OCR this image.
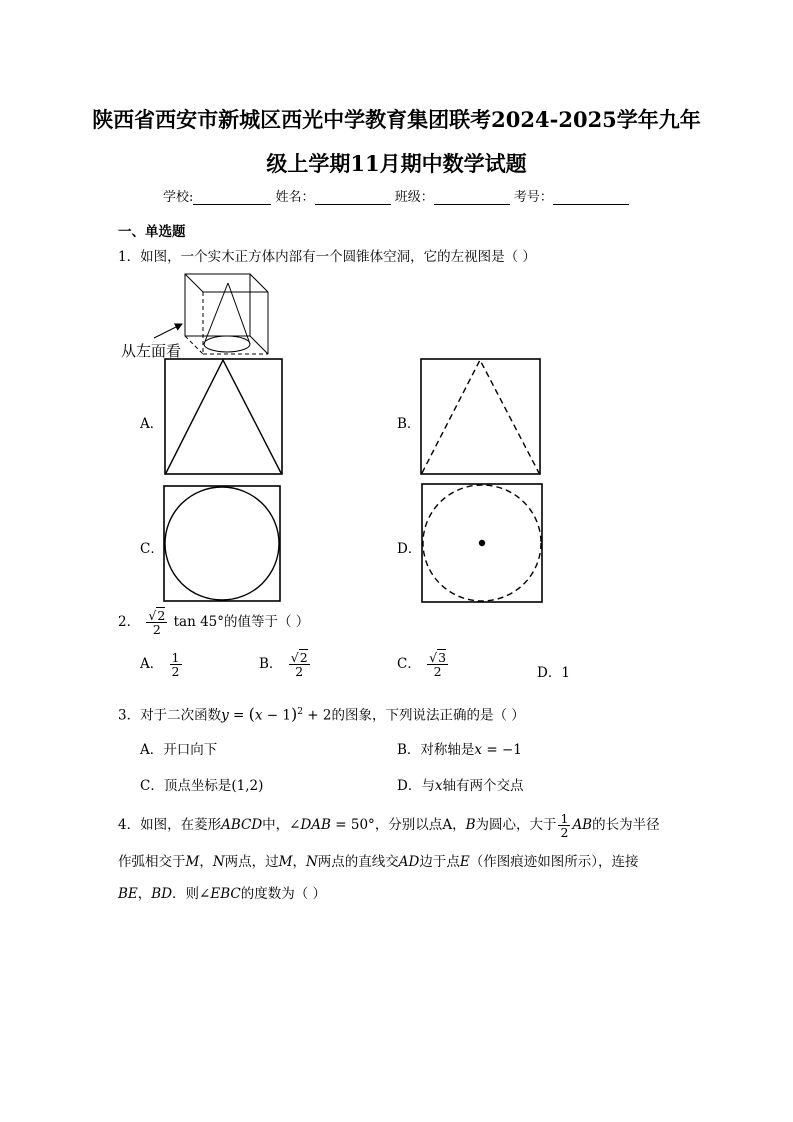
陕西省西安市新城区西光中学教育集团联考2024-2025学年九年
级上学期11月期中数学试题
学校:	姓名：	班级：	考号：
一、单选题
1．如图，一个实木正方体内部有一个圆锥体空洞，它的左视图是（ ）
从左面看
A．	B．
C．	D．
2． $\frac{√2}{2}$ tan 45°的值等于（ ）
A． $\frac{1}{2}$	B． $\frac{√2}{2}$	C． $\frac{√3}{2}$	D．1
3．对于二次函数$y = (x - 1)^2 + 2$的图象，下列说法正确的是（ ）
A．开口向下	B．对称轴是x = −1
C．顶点坐标是(1,2)	D．与x轴有两个交点
4．如图，在菱形ABCD中，∠DAB = 50°，分别以点A，B为圆心，大于 $\frac{1}{2}$ AB的长为半径
作弧相交于M，N两点，过M，N两点的直线交AD边于点E（作图痕迹如图所示），连接
BE，BD．则∠EBC的度数为（ ）
